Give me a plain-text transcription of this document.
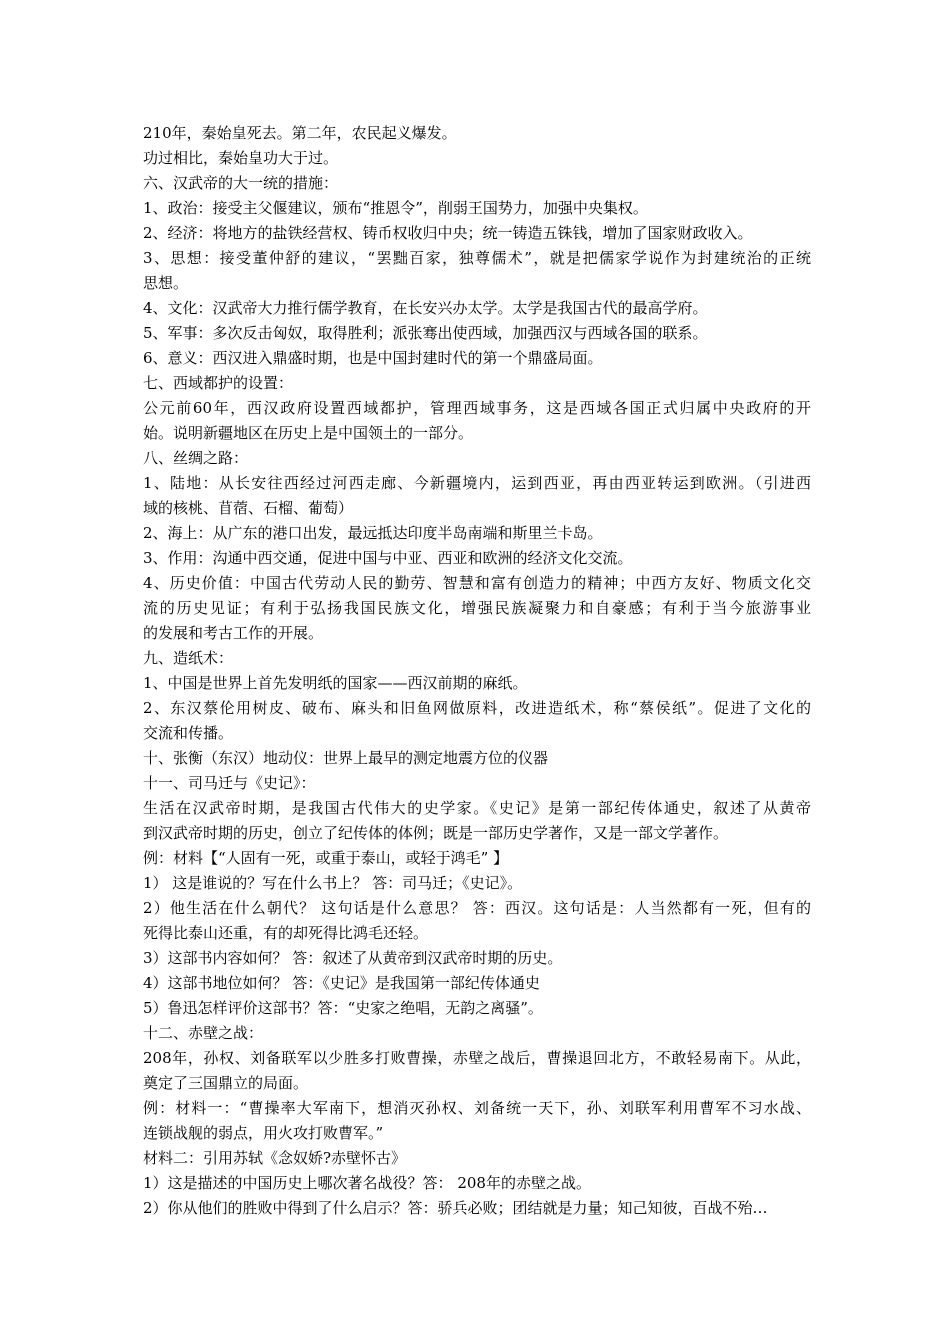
210年，秦始皇死去。第二年，农民起义爆发。
功过相比，秦始皇功大于过。
六、汉武帝的大一统的措施：
1、政治：接受主父偃建议，颁布“推恩令”，削弱王国势力，加强中央集权。
2、经济：将地方的盐铁经营权、铸币权收归中央；统一铸造五铢钱，增加了国家财政收入。
3、思想：接受董仲舒的建议，“罢黜百家，独尊儒术”，就是把儒家学说作为封建统治的正统
思想。
4、文化：汉武帝大力推行儒学教育，在长安兴办太学。太学是我国古代的最高学府。
5、军事：多次反击匈奴，取得胜利；派张骞出使西域，加强西汉与西域各国的联系。
6、意义：西汉进入鼎盛时期，也是中国封建时代的第一个鼎盛局面。
七、西域都护的设置：
公元前60年，西汉政府设置西域都护，管理西域事务，这是西域各国正式归属中央政府的开
始。说明新疆地区在历史上是中国领土的一部分。
八、丝绸之路：
1、陆地：从长安往西经过河西走廊、今新疆境内，运到西亚，再由西亚转运到欧洲。（引进西
域的核桃、苜蓿、石榴、葡萄）
2、海上：从广东的港口出发，最远抵达印度半岛南端和斯里兰卡岛。
3、作用：沟通中西交通，促进中国与中亚、西亚和欧洲的经济文化交流。
4、历史价值：中国古代劳动人民的勤劳、智慧和富有创造力的精神；中西方友好、物质文化交
流的历史见证；有利于弘扬我国民族文化，增强民族凝聚力和自豪感；有利于当今旅游事业
的发展和考古工作的开展。
九、造纸术：
1、中国是世界上首先发明纸的国家——西汉前期的麻纸。
2、东汉蔡伦用树皮、破布、麻头和旧鱼网做原料，改进造纸术，称“蔡侯纸”。促进了文化的
交流和传播。
十、张衡（东汉）地动仪：世界上最早的测定地震方位的仪器
十一、司马迁与《史记》：
生活在汉武帝时期，是我国古代伟大的史学家。《史记》是第一部纪传体通史，叙述了从黄帝
到汉武帝时期的历史，创立了纪传体的体例；既是一部历史学著作，又是一部文学著作。
例：材料【“人固有一死，或重于泰山，或轻于鸿毛” 】
1） 这是谁说的？写在什么书上？ 答：司马迁；《史记》。
2）他生活在什么朝代？ 这句话是什么意思？ 答：西汉。这句话是：人当然都有一死，但有的
死得比泰山还重，有的却死得比鸿毛还轻。
3）这部书内容如何？ 答：叙述了从黄帝到汉武帝时期的历史。
4）这部书地位如何？ 答：《史记》是我国第一部纪传体通史
5）鲁迅怎样评价这部书？答：“史家之绝唱，无韵之离骚”。
十二、赤壁之战：
208年，孙权、刘备联军以少胜多打败曹操，赤壁之战后，曹操退回北方，不敢轻易南下。从此，
奠定了三国鼎立的局面。
例：材料一：“曹操率大军南下，想消灭孙权、刘备统一天下，孙、刘联军利用曹军不习水战、
连锁战舰的弱点，用火攻打败曹军。”
材料二：引用苏轼《念奴娇?赤壁怀古》
1）这是描述的中国历史上哪次著名战役？答： 208年的赤壁之战。
2）你从他们的胜败中得到了什么启示？答：骄兵必败；团结就是力量；知己知彼，百战不殆…
